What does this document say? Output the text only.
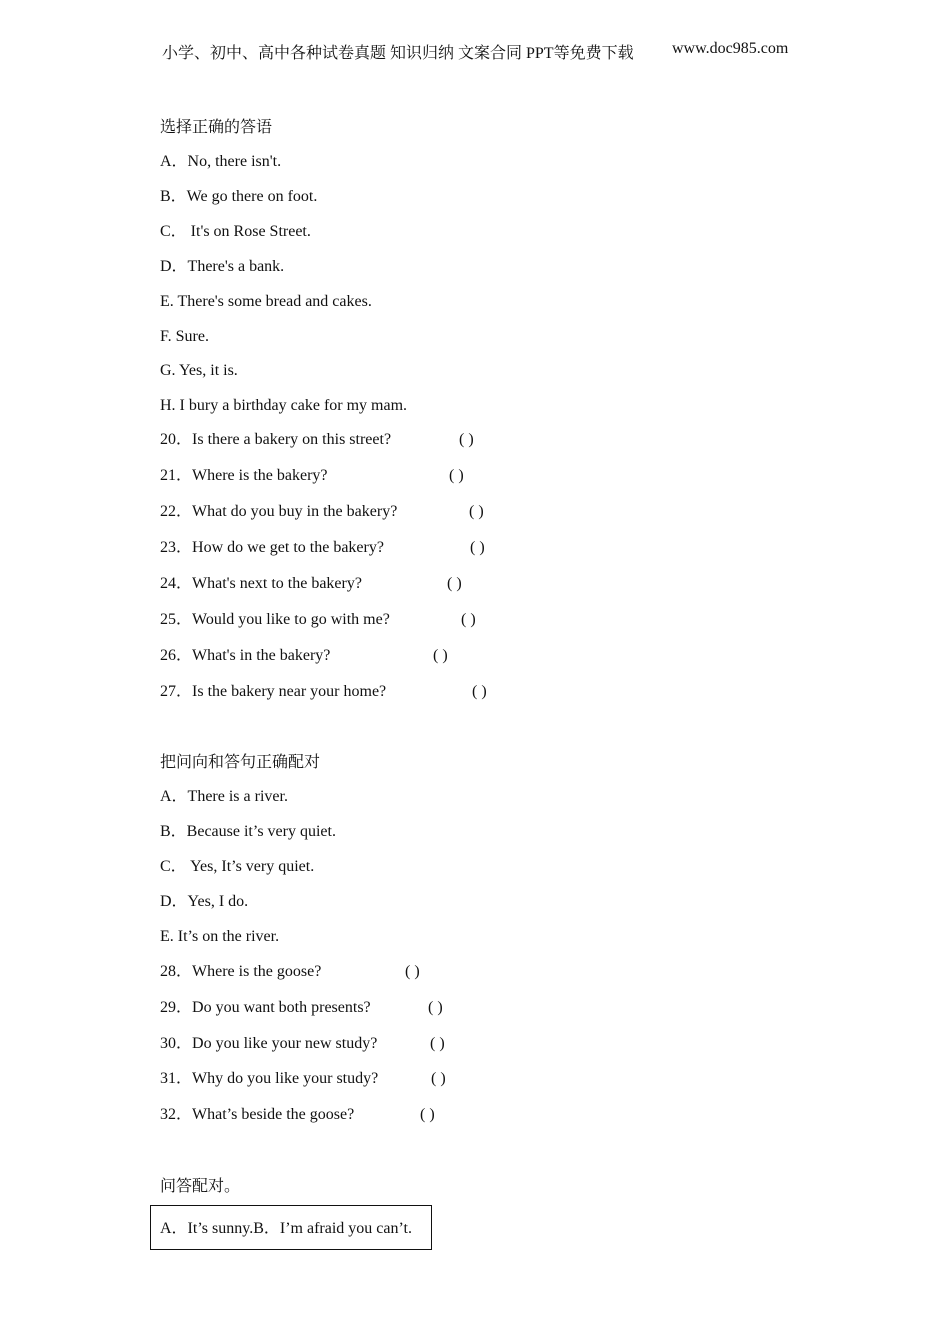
小学、初中、高中各种试卷真题 知识归纳 文案合同 PPT等免费下载 www.doc985.com
选择正确的答语
A．No, there isn't.
B．We go there on foot.
C． It's on Rose Street.
D．There's a bank.
E. There's some bread and cakes.
F. Sure.
G. Yes, it is.
H. I bury a birthday cake for my mam.
20．Is there a bakery on this street?	( )
21．Where is the bakery?	( )
22．What do you buy in the bakery?	( )
23．How do we get to the bakery?	( )
24．What's next to the bakery?	( )
25．Would you like to go with me?	( )
26．What's in the bakery?	( )
27．Is the bakery near your home?	( )
把问向和答句正确配对
A．There is a river.
B．Because it’s very quiet.
C． Yes, It’s very quiet.
D．Yes, I do.
E. It’s on the river.
28．Where is the goose?	( )
29．Do you want both presents?	( )
30．Do you like your new study?	( )
31．Why do you like your study?	( )
32．What’s beside the goose?	( )
问答配对。
A．It’s sunny.B．I’m afraid you can’t.
